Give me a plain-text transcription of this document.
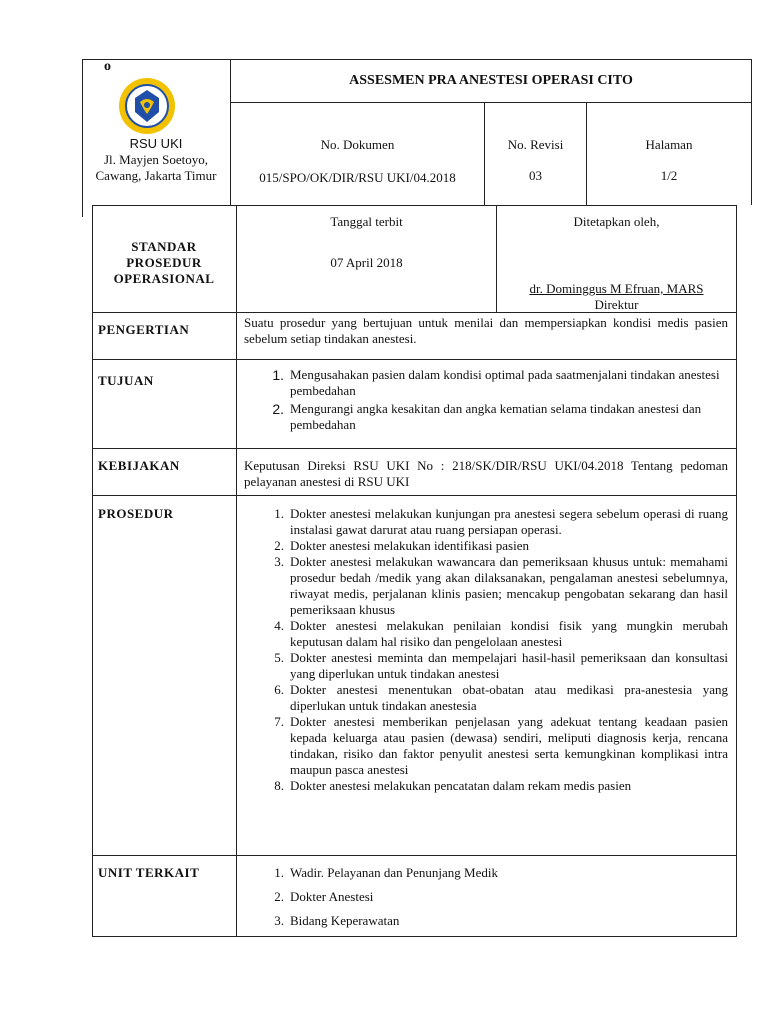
o
RSU UKI
Jl. Mayjen Soetoyo, Cawang, Jakarta Timur
ASSESMEN PRA ANESTESI OPERASI CITO
No. Dokumen
015/SPO/OK/DIR/RSU UKI/04.2018
No. Revisi
03
Halaman
1/2
STANDAR PROSEDUR OPERASIONAL
Tanggal terbit
07 April 2018
Ditetapkan oleh,
dr. Dominggus M Efruan, MARS
Direktur
PENGERTIAN	Suatu prosedur yang bertujuan untuk menilai dan mempersiapkan kondisi medis pasien sebelum setiap tindakan anestesi.
TUJUAN	1. Mengusahakan pasien dalam kondisi optimal pada saatmenjalani tindakan anestesi pembedahan
2. Mengurangi angka kesakitan dan angka kematian selama tindakan anestesi dan pembedahan
KEBIJAKAN	Keputusan Direksi RSU UKI No : 218/SK/DIR/RSU UKI/04.2018 Tentang pedoman pelayanan anestesi di RSU UKI
PROSEDUR	1. Dokter anestesi melakukan kunjungan pra anestesi segera sebelum operasi di ruang instalasi gawat darurat atau ruang persiapan operasi.
2. Dokter anestesi melakukan identifikasi pasien
3. Dokter anestesi melakukan wawancara dan pemeriksaan khusus untuk: memahami prosedur bedah /medik yang akan dilaksanakan, pengalaman anestesi sebelumnya, riwayat medis, perjalanan klinis pasien; mencakup pengobatan sekarang dan hasil pemeriksaan khusus
4. Dokter anestesi melakukan penilaian kondisi fisik yang mungkin merubah keputusan dalam hal risiko dan pengelolaan anestesi
5. Dokter anestesi meminta dan mempelajari hasil-hasil pemeriksaan dan konsultasi yang diperlukan untuk tindakan anestesi
6. Dokter anestesi menentukan obat-obatan atau medikasi pra-anestesia yang diperlukan untuk tindakan anestesia
7. Dokter anestesi memberikan penjelasan yang adekuat tentang keadaan pasien kepada keluarga atau pasien (dewasa) sendiri, meliputi diagnosis kerja, rencana tindakan, risiko dan faktor penyulit anestesi serta kemungkinan komplikasi intra maupun pasca anestesi
8. Dokter anestesi melakukan pencatatan dalam rekam medis pasien
UNIT TERKAIT	1. Wadir. Pelayanan dan Penunjang Medik
2. Dokter Anestesi
3. Bidang Keperawatan
